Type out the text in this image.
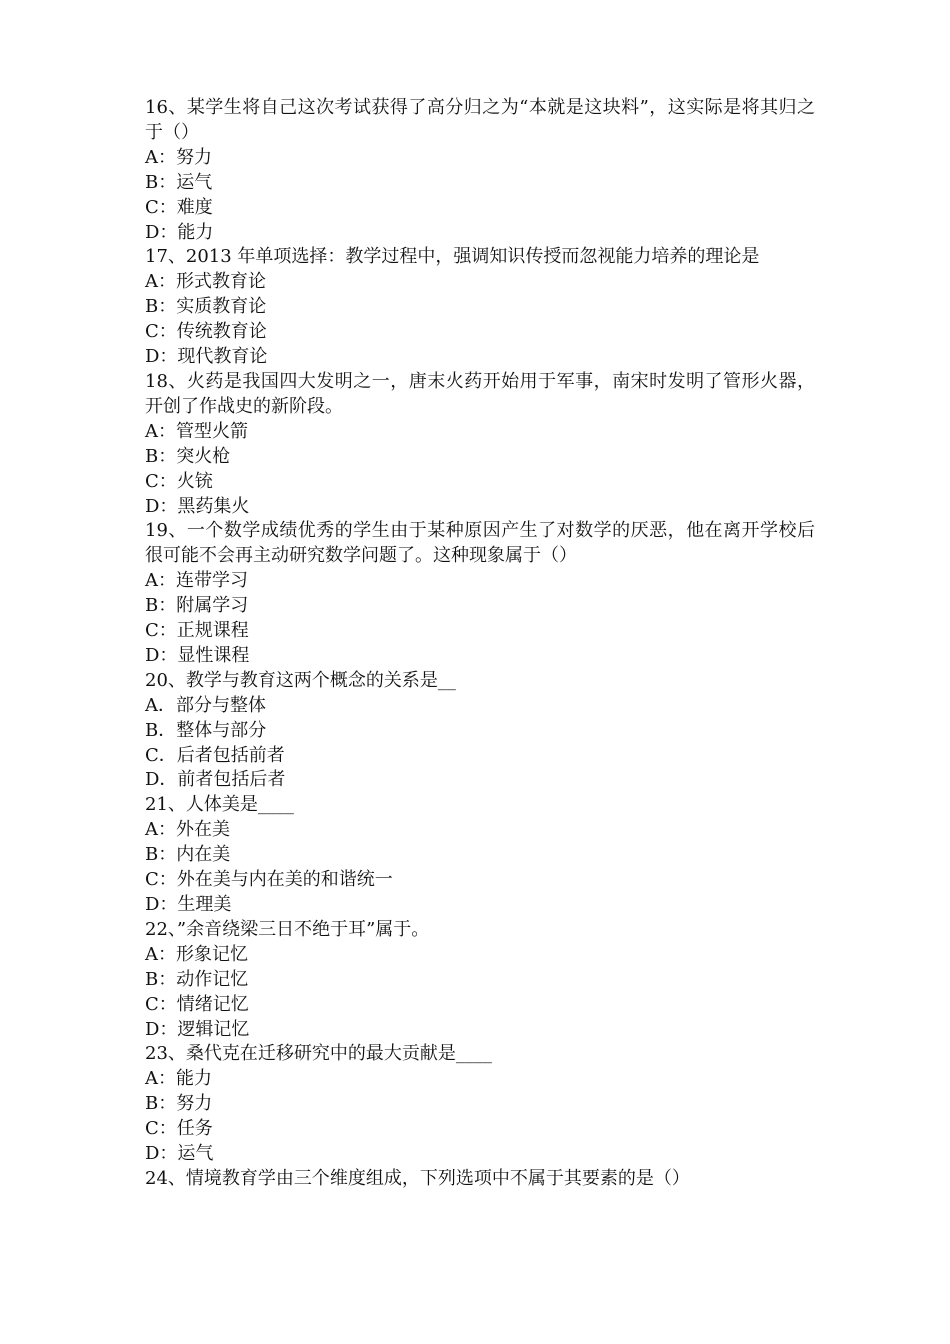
16、某学生将自己这次考试获得了高分归之为“本就是这块料”，这实际是将其归之于（）
A：努力
B：运气
C：难度
D：能力
17、2013 年单项选择：教学过程中，强调知识传授而忽视能力培养的理论是
A：形式教育论
B：实质教育论
C：传统教育论
D：现代教育论
18、火药是我国四大发明之一，唐末火药开始用于军事，南宋时发明了管形火器，开创了作战史的新阶段。
A：管型火箭
B：突火枪
C：火铳
D：黑药集火
19、一个数学成绩优秀的学生由于某种原因产生了对数学的厌恶，他在离开学校后很可能不会再主动研究数学问题了。这种现象属于（）
A：连带学习
B：附属学习
C：正规课程
D：显性课程
20、教学与教育这两个概念的关系是__
A．部分与整体
B．整体与部分
C．后者包括前者
D．前者包括后者
21、人体美是____
A：外在美
B：内在美
C：外在美与内在美的和谐统一
D：生理美
22、”余音绕梁三日不绝于耳”属于。
A：形象记忆
B：动作记忆
C：情绪记忆
D：逻辑记忆
23、桑代克在迁移研究中的最大贡献是____
A：能力
B：努力
C：任务
D：运气
24、情境教育学由三个维度组成，下列选项中不属于其要素的是（）
